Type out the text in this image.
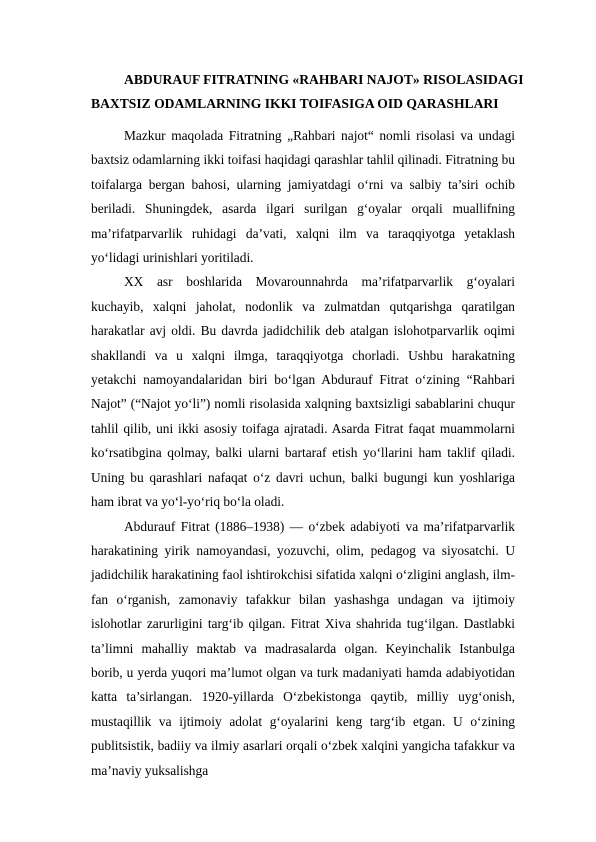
ABDURAUF FITRATNING «RAHBARI NAJOT» RISOLASIDAGI
BAXTSIZ ODAMLARNING IKKI TOIFASIGA OID QARASHLARI

Mazkur maqolada Fitratning „Rahbari najot“ nomli risolasi va undagi baxtsiz odamlarning ikki toifasi haqidagi qarashlar tahlil qilinadi. Fitratning bu toifalarga bergan bahosi, ularning jamiyatdagi o‘rni va salbiy ta’siri ochib beriladi. Shuningdek, asarda ilgari surilgan g‘oyalar orqali muallifning ma’rifatparvarlik ruhidagi da’vati, xalqni ilm va taraqqiyotga yetaklash yo‘lidagi urinishlari yoritiladi.

XX asr boshlarida Movarounnahrda ma’rifatparvarlik g‘oyalari kuchayib, xalqni jaholat, nodonlik va zulmatdan qutqarishga qaratilgan harakatlar avj oldi. Bu davrda jadidchilik deb atalgan islohotparvarlik oqimi shakllandi va u xalqni ilmga, taraqqiyotga chorladi. Ushbu harakatning yetakchi namoyandalaridan biri bo‘lgan Abdurauf Fitrat o‘zining “Rahbari Najot” (“Najot yo‘li”) nomli risolasida xalqning baxtsizligi sabablarini chuqur tahlil qilib, uni ikki asosiy toifaga ajratadi. Asarda Fitrat faqat muammolarni ko‘rsatibgina qolmay, balki ularni bartaraf etish yo‘llarini ham taklif qiladi. Uning bu qarashlari nafaqat o‘z davri uchun, balki bugungi kun yoshlariga ham ibrat va yo‘l-yo‘riq bo‘la oladi.

Abdurauf Fitrat (1886–1938) — o‘zbek adabiyoti va ma’rifatparvarlik harakatining yirik namoyandasi, yozuvchi, olim, pedagog va siyosatchi. U jadidchilik harakatining faol ishtirokchisi sifatida xalqni o‘zligini anglash, ilm-fan o‘rganish, zamonaviy tafakkur bilan yashashga undagan va ijtimoiy islohotlar zarurligini targ‘ib qilgan. Fitrat Xiva shahrida tug‘ilgan. Dastlabki ta’limni mahalliy maktab va madrasalarda olgan. Keyinchalik Istanbulga borib, u yerda yuqori ma’lumot olgan va turk madaniyati hamda adabiyotidan katta ta’sirlangan. 1920-yillarda O‘zbekistonga qaytib, milliy uyg‘onish, mustaqillik va ijtimoiy adolat g‘oyalarini keng targ‘ib etgan. U o‘zining publitsistik, badiiy va ilmiy asarlari orqali o‘zbek xalqini yangicha tafakkur va ma’naviy yuksalishga
